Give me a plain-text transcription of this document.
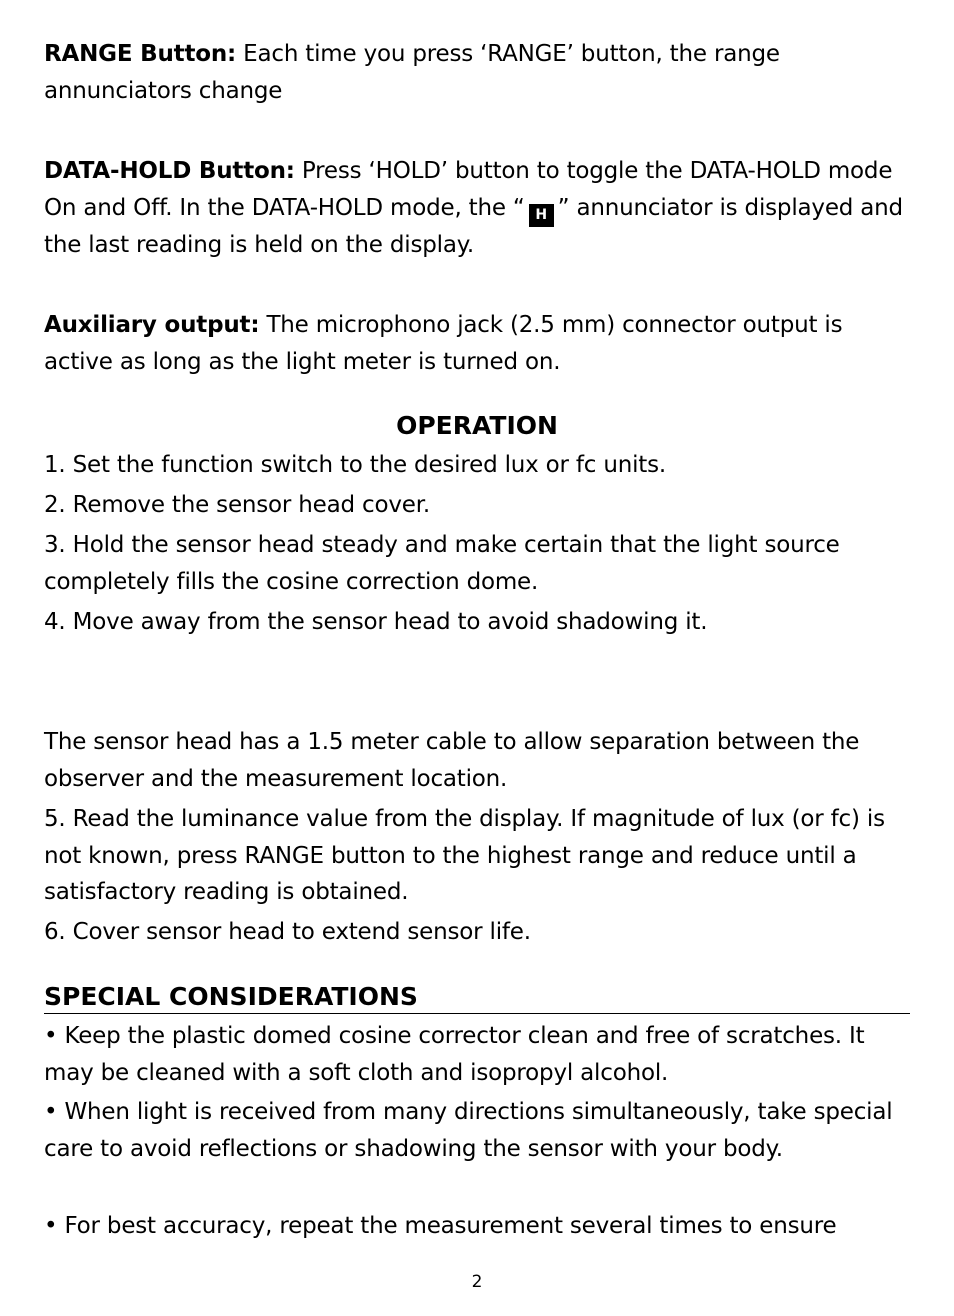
RANGE Button: Each time you press ‘RANGE’ button, the range annunciators change

DATA-HOLD Button: Press ‘HOLD’ button to toggle the DATA-HOLD mode On and Off. In the DATA-HOLD mode, the “ H ” annunciator is displayed and the last reading is held on the display.

Auxiliary output: The microphono jack (2.5 mm) connector output is active as long as the light meter is turned on.

OPERATION

1. Set the function switch to the desired lux or fc units.

2. Remove the sensor head cover.

3. Hold the sensor head steady and make certain that the light source completely fills the cosine correction dome.

4. Move away from the sensor head to avoid shadowing it.

The sensor head has a 1.5 meter cable to allow separation between the observer and the measurement location.

5. Read the luminance value from the display. If magnitude of lux (or fc) is not known, press RANGE button to the highest range and reduce until a satisfactory reading is obtained.

6. Cover sensor head to extend sensor life.

SPECIAL CONSIDERATIONS

• Keep the plastic domed cosine corrector clean and free of scratches. It may be cleaned with a soft cloth and isopropyl alcohol.

• When light is received from many directions simultaneously, take special care to avoid reflections or shadowing the sensor with your body.

• For best accuracy, repeat the measurement several times to ensure

2
